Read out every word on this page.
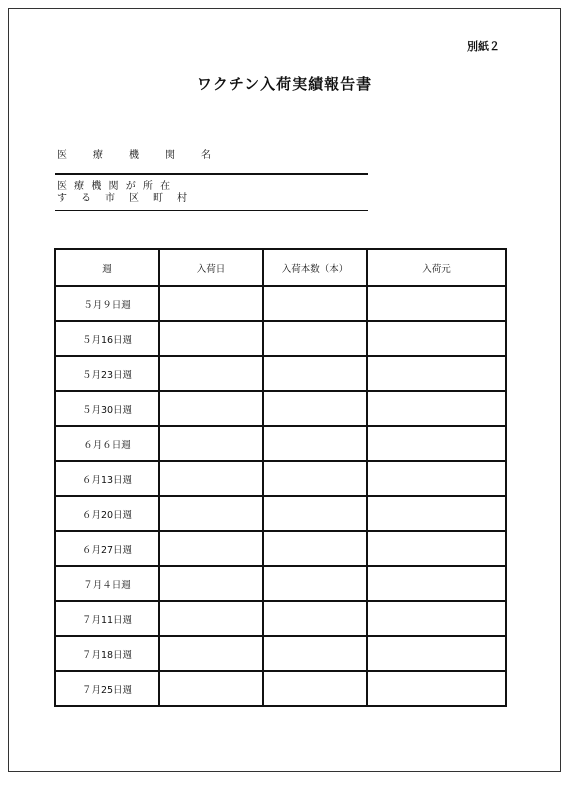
別紙２
ワクチン入荷実績報告書
医　療　機　関　名
医 療 機 関 が 所 在
す　る　市　区　町　村
週	入荷日	入荷本数（本）	入荷元
５月９日週			
５月16日週			
５月23日週			
５月30日週			
６月６日週			
６月13日週			
６月20日週			
６月27日週			
７月４日週			
７月11日週			
７月18日週			
７月25日週			
